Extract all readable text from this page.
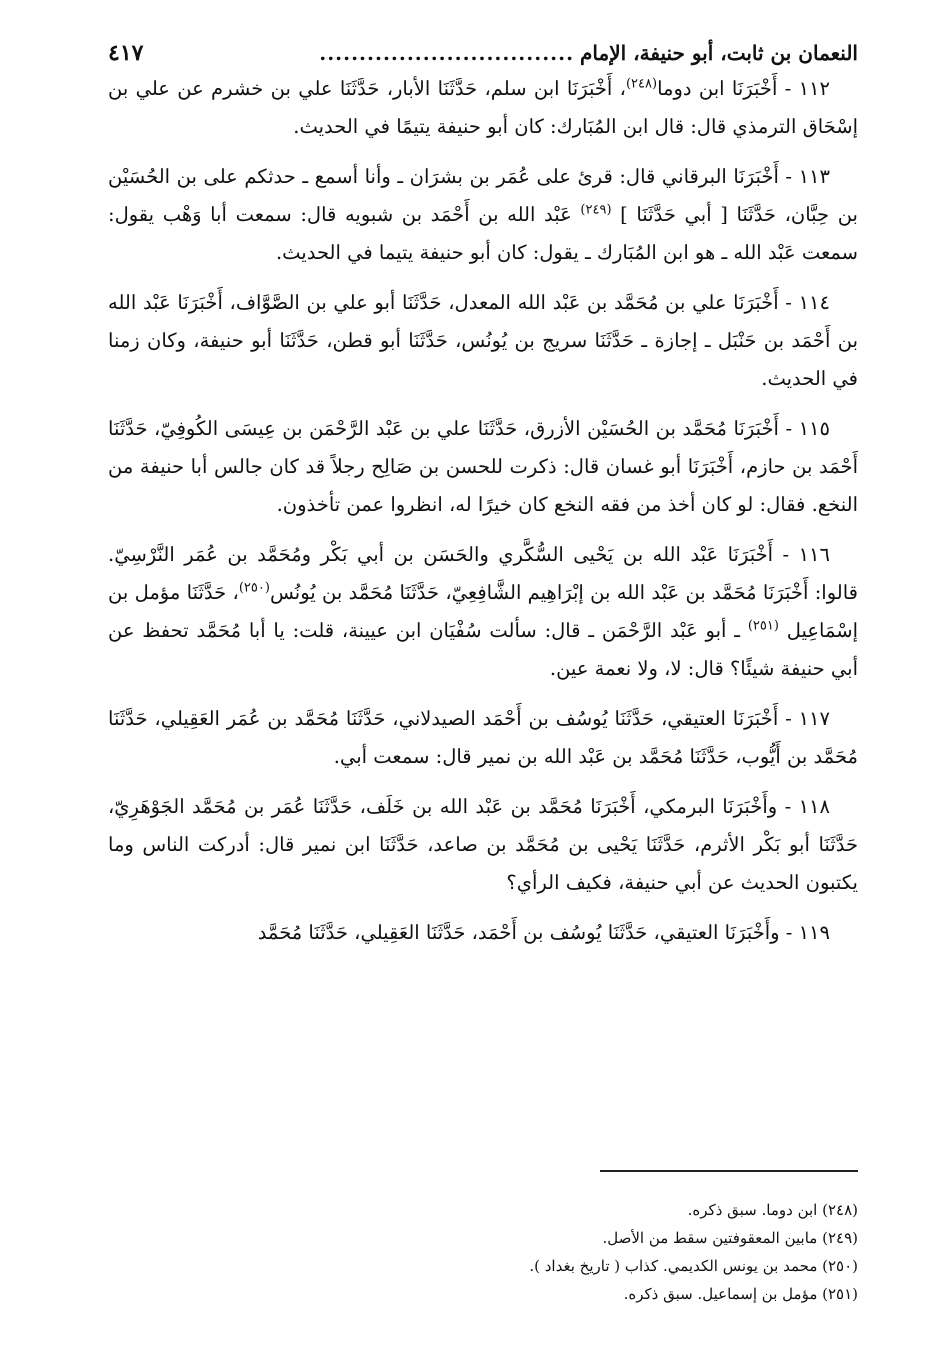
النعمان بن ثابت، أبو حنيفة، الإمام
................................
٤١٧

١١٢ - أَخْبَرَنَا ابن دوما$^{(٢٤٨)}$، أَخْبَرَنَا ابن سلم، حَدَّثَنَا الأبار، حَدَّثَنَا علي بن خشرم عن علي بن إسْحَاق الترمذي قال: قال ابن المُبَارك: كان أبو حنيفة يتيمًا في الحديث.

١١٣ - أَخْبَرَنَا البرقاني قال: قرئ على عُمَر بن بشرَان ـ وأنا أسمع ـ حدثكم على بن الحُسَيْن بن حِبَّان، حَدَّثَنَا [ أبي حَدَّثَنَا ] $^{(٢٤٩)}$ عَبْد الله بن أَحْمَد بن شبويه قال: سمعت أبا وَهْب يقول: سمعت عَبْد الله ـ هو ابن المُبَارك ـ يقول: كان أبو حنيفة يتيما في الحديث.

١١٤ - أَخْبَرَنَا علي بن مُحَمَّد بن عَبْد الله المعدل، حَدَّثَنَا أبو علي بن الصَّوَّاف، أَخْبَرَنَا عَبْد الله بن أَحْمَد بن حَنْبَل ـ إجازة ـ حَدَّثَنَا سريج بن يُونُس، حَدَّثَنَا أبو قطن، حَدَّثَنَا أبو حنيفة، وكان زمنا في الحديث.

١١٥ - أَخْبَرَنَا مُحَمَّد بن الحُسَيْن الأزرق، حَدَّثَنَا علي بن عَبْد الرَّحْمَن بن عِيسَى الكُوفِيّ، حَدَّثَنَا أَحْمَد بن حازم، أَخْبَرَنَا أبو غسان قال: ذكرت للحسن بن صَالِح رجلاً قد كان جالس أبا حنيفة من النخع. فقال: لو كان أخذ من فقه النخع كان خيرًا له، انظروا عمن تأخذون.

١١٦ - أَخْبَرَنَا عَبْد الله بن يَحْيى السُّكَّري والحَسَن بن أبي بَكْر ومُحَمَّد بن عُمَر النَّرْسِيّ. قالوا: أَخْبَرَنَا مُحَمَّد بن عَبْد الله بن إبْرَاهِيم الشَّافِعِيّ، حَدَّثَنَا مُحَمَّد بن يُونُس$^{(٢٥٠)}$، حَدَّثَنَا مؤمل بن إسْمَاعِيل $^{(٢٥١)}$ ـ أبو عَبْد الرَّحْمَن ـ قال: سألت سُفْيَان ابن عيينة، قلت: يا أبا مُحَمَّد تحفظ عن أبي حنيفة شيئًا؟ قال: لا، ولا نعمة عين.

١١٧ - أَخْبَرَنَا العتيقي، حَدَّثَنَا يُوسُف بن أَحْمَد الصيدلاني، حَدَّثَنَا مُحَمَّد بن عُمَر العَقِيلي، حَدَّثَنَا مُحَمَّد بن أَيُّوب، حَدَّثَنَا مُحَمَّد بن عَبْد الله بن نمير قال: سمعت أبي.

١١٨ - وأَخْبَرَنَا البرمكي، أَخْبَرَنَا مُحَمَّد بن عَبْد الله بن خَلَف، حَدَّثَنَا عُمَر بن مُحَمَّد الجَوْهَرِيّ، حَدَّثَنَا أبو بَكْر الأثرم، حَدَّثَنَا يَحْيى بن مُحَمَّد بن صاعد، حَدَّثَنَا ابن نمير قال: أدركت الناس وما يكتبون الحديث عن أبي حنيفة، فكيف الرأي؟

١١٩ - وأَخْبَرَنَا العتيقي، حَدَّثَنَا يُوسُف بن أَحْمَد، حَدَّثَنَا العَقِيلي، حَدَّثَنَا مُحَمَّد

(٢٤٨) ابن دوما. سبق ذكره.

(٢٤٩) مابين المعقوفتين سقط من الأصل.

(٢٥٠) محمد بن يونس الكديمي. كذاب ( تاريخ بغداد ).

(٢٥١) مؤمل بن إسماعيل. سبق ذكره.
